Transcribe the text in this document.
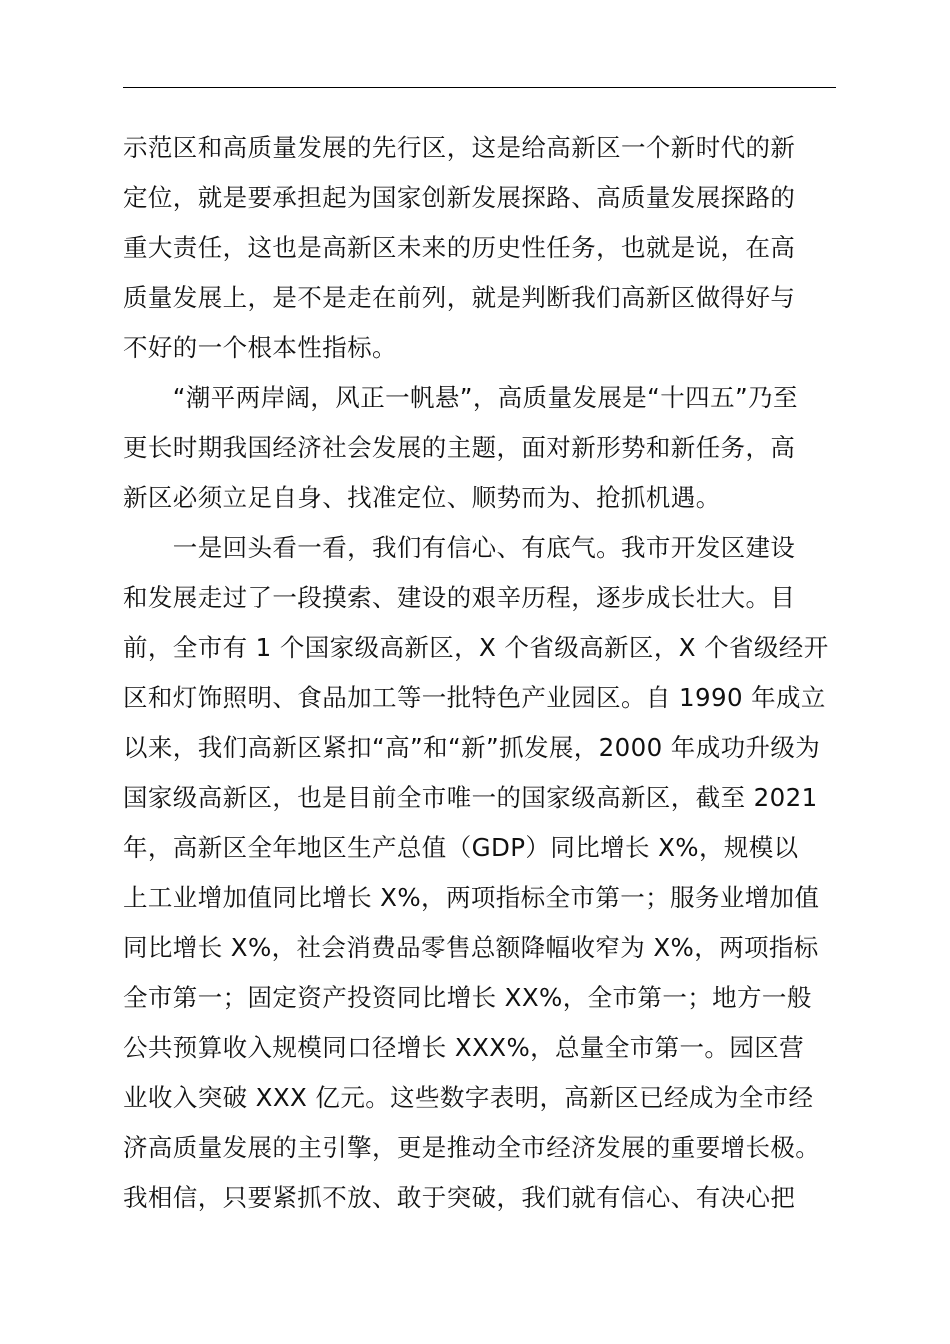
示范区和高质量发展的先行区，这是给高新区一个新时代的新
定位，就是要承担起为国家创新发展探路、高质量发展探路的
重大责任，这也是高新区未来的历史性任务，也就是说，在高
质量发展上，是不是走在前列，就是判断我们高新区做得好与
不好的一个根本性指标。
　　“潮平两岸阔，风正一帆悬”，高质量发展是“十四五”乃至
更长时期我国经济社会发展的主题，面对新形势和新任务，高
新区必须立足自身、找准定位、顺势而为、抢抓机遇。
　　一是回头看一看，我们有信心、有底气。我市开发区建设
和发展走过了一段摸索、建设的艰辛历程，逐步成长壮大。目
前，全市有 1 个国家级高新区，X 个省级高新区，X 个省级经开
区和灯饰照明、食品加工等一批特色产业园区。自 1990 年成立
以来，我们高新区紧扣“高”和“新”抓发展，2000 年成功升级为
国家级高新区，也是目前全市唯一的国家级高新区，截至 2021
年，高新区全年地区生产总值（GDP）同比增长 X%，规模以
上工业增加值同比增长 X%，两项指标全市第一；服务业增加值
同比增长 X%，社会消费品零售总额降幅收窄为 X%，两项指标
全市第一；固定资产投资同比增长 XX%，全市第一；地方一般
公共预算收入规模同口径增长 XXX%，总量全市第一。园区营
业收入突破 XXX 亿元。这些数字表明，高新区已经成为全市经
济高质量发展的主引擎，更是推动全市经济发展的重要增长极。
我相信，只要紧抓不放、敢于突破，我们就有信心、有决心把
